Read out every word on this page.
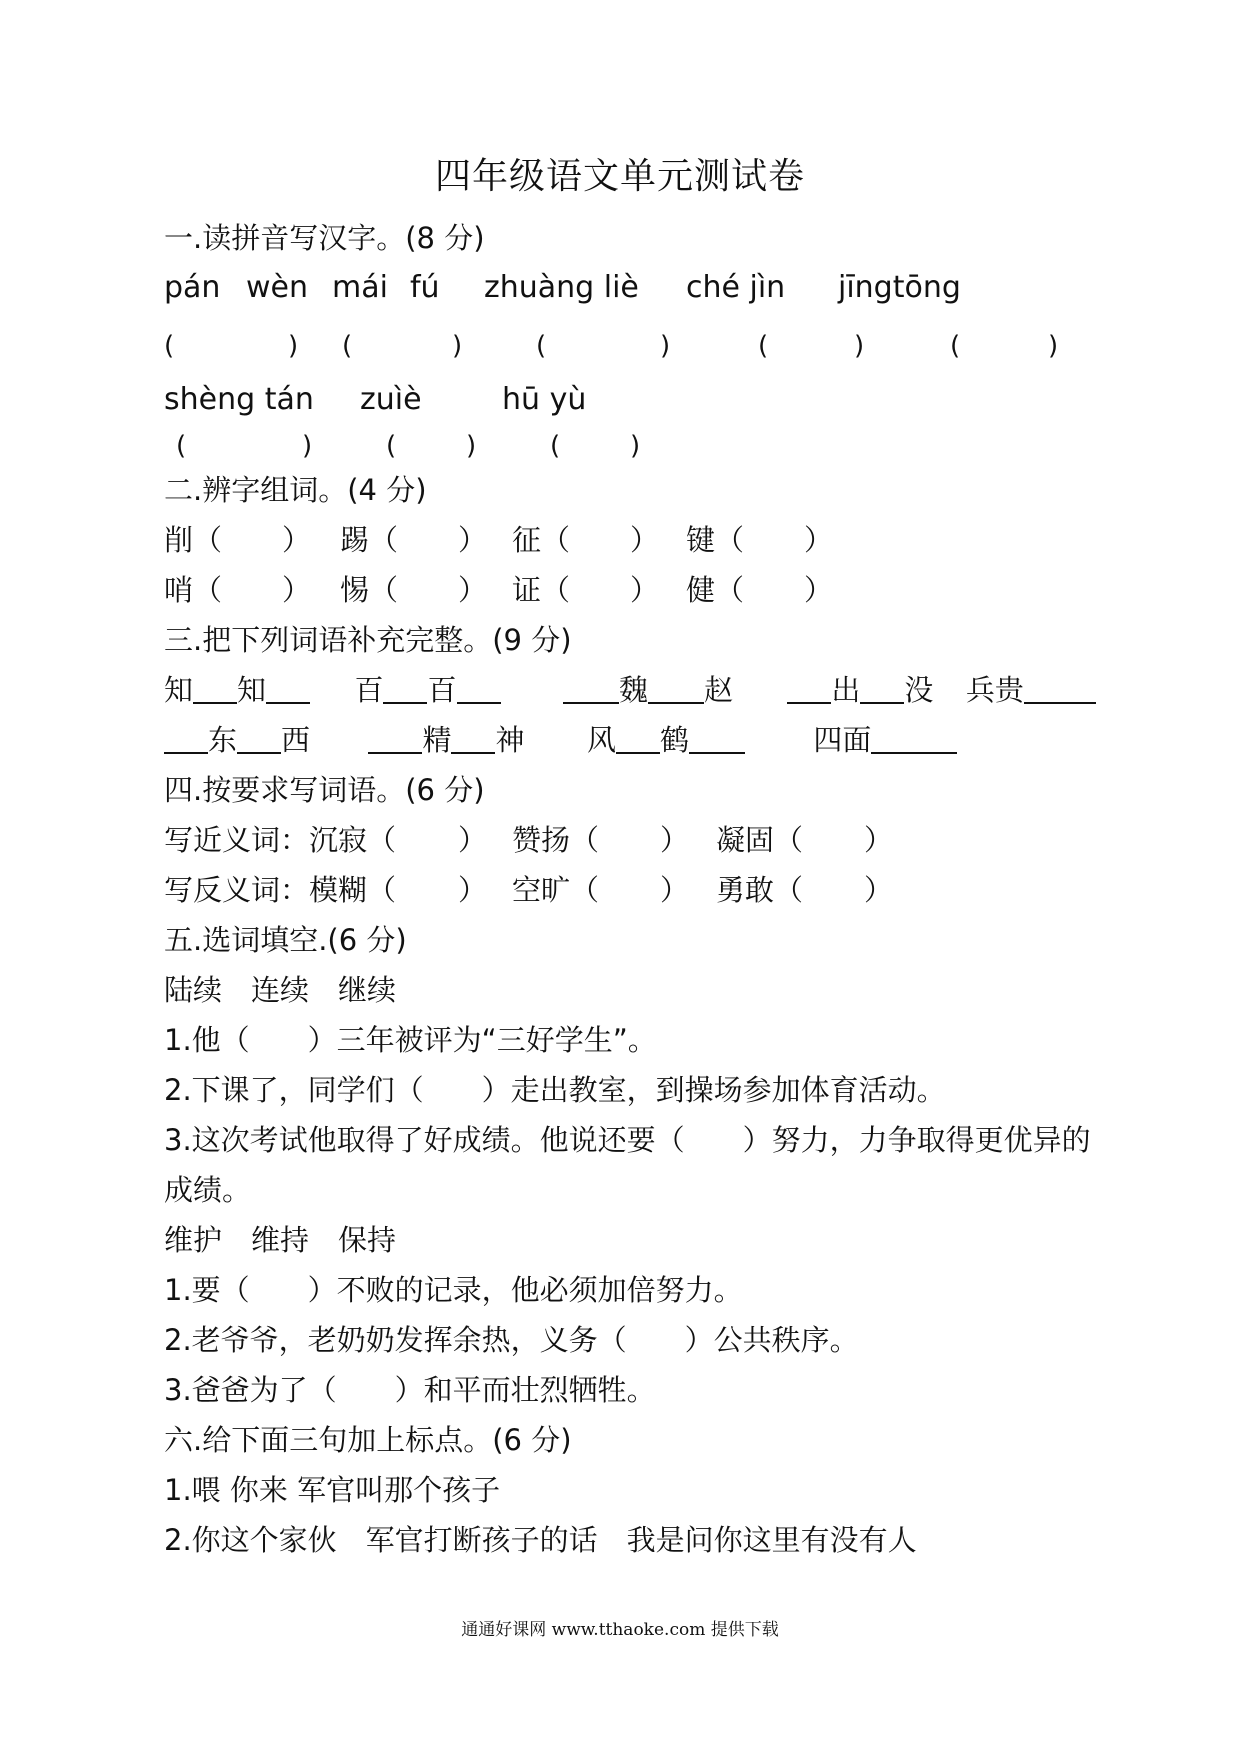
四年级语文单元测试卷
一.读拼音写汉字。(8 分)
pán wèn mái fú zhuàng liè ché jìn jīngtōng
(	) (	)	(	)	(	)	(	)
shèng tán zuìè	hū yù
(	)	(	)	(	)
二.辨字组词。(4 分)
削（ ） 踢（ ） 征（ ） 键（ ）
哨（ ） 惕（ ） 证（ ） 健（ ）
三.把下列词语补充完整。(9 分)
知 知	百 百	魏 赵	出 没 兵贵
东 西	精 神 风 鹤	四面
四.按要求写词语。(6 分)
写近义词：沉寂（ ） 赞扬（ ） 凝固（ ）
写反义词：模糊（ ） 空旷（ ） 勇敢（ ）
五.选词填空.(6 分)
陆续　连续　继续
1.他（　　）三年被评为“三好学生”。
2.下课了，同学们（　　）走出教室，到操场参加体育活动。
3.这次考试他取得了好成绩。他说还要（　　）努力，力争取得更优异的
成绩。
维护　维持　保持
1.要（　　）不败的记录，他必须加倍努力。
2.老爷爷，老奶奶发挥余热，义务（　　）公共秩序。
3.爸爸为了（　　）和平而壮烈牺牲。
六.给下面三句加上标点。(6 分)
1.喂 你来 军官叫那个孩子
2.你这个家伙　军官打断孩子的话　我是问你这里有没有人
通通好课网 www.tthaoke.com 提供下载
